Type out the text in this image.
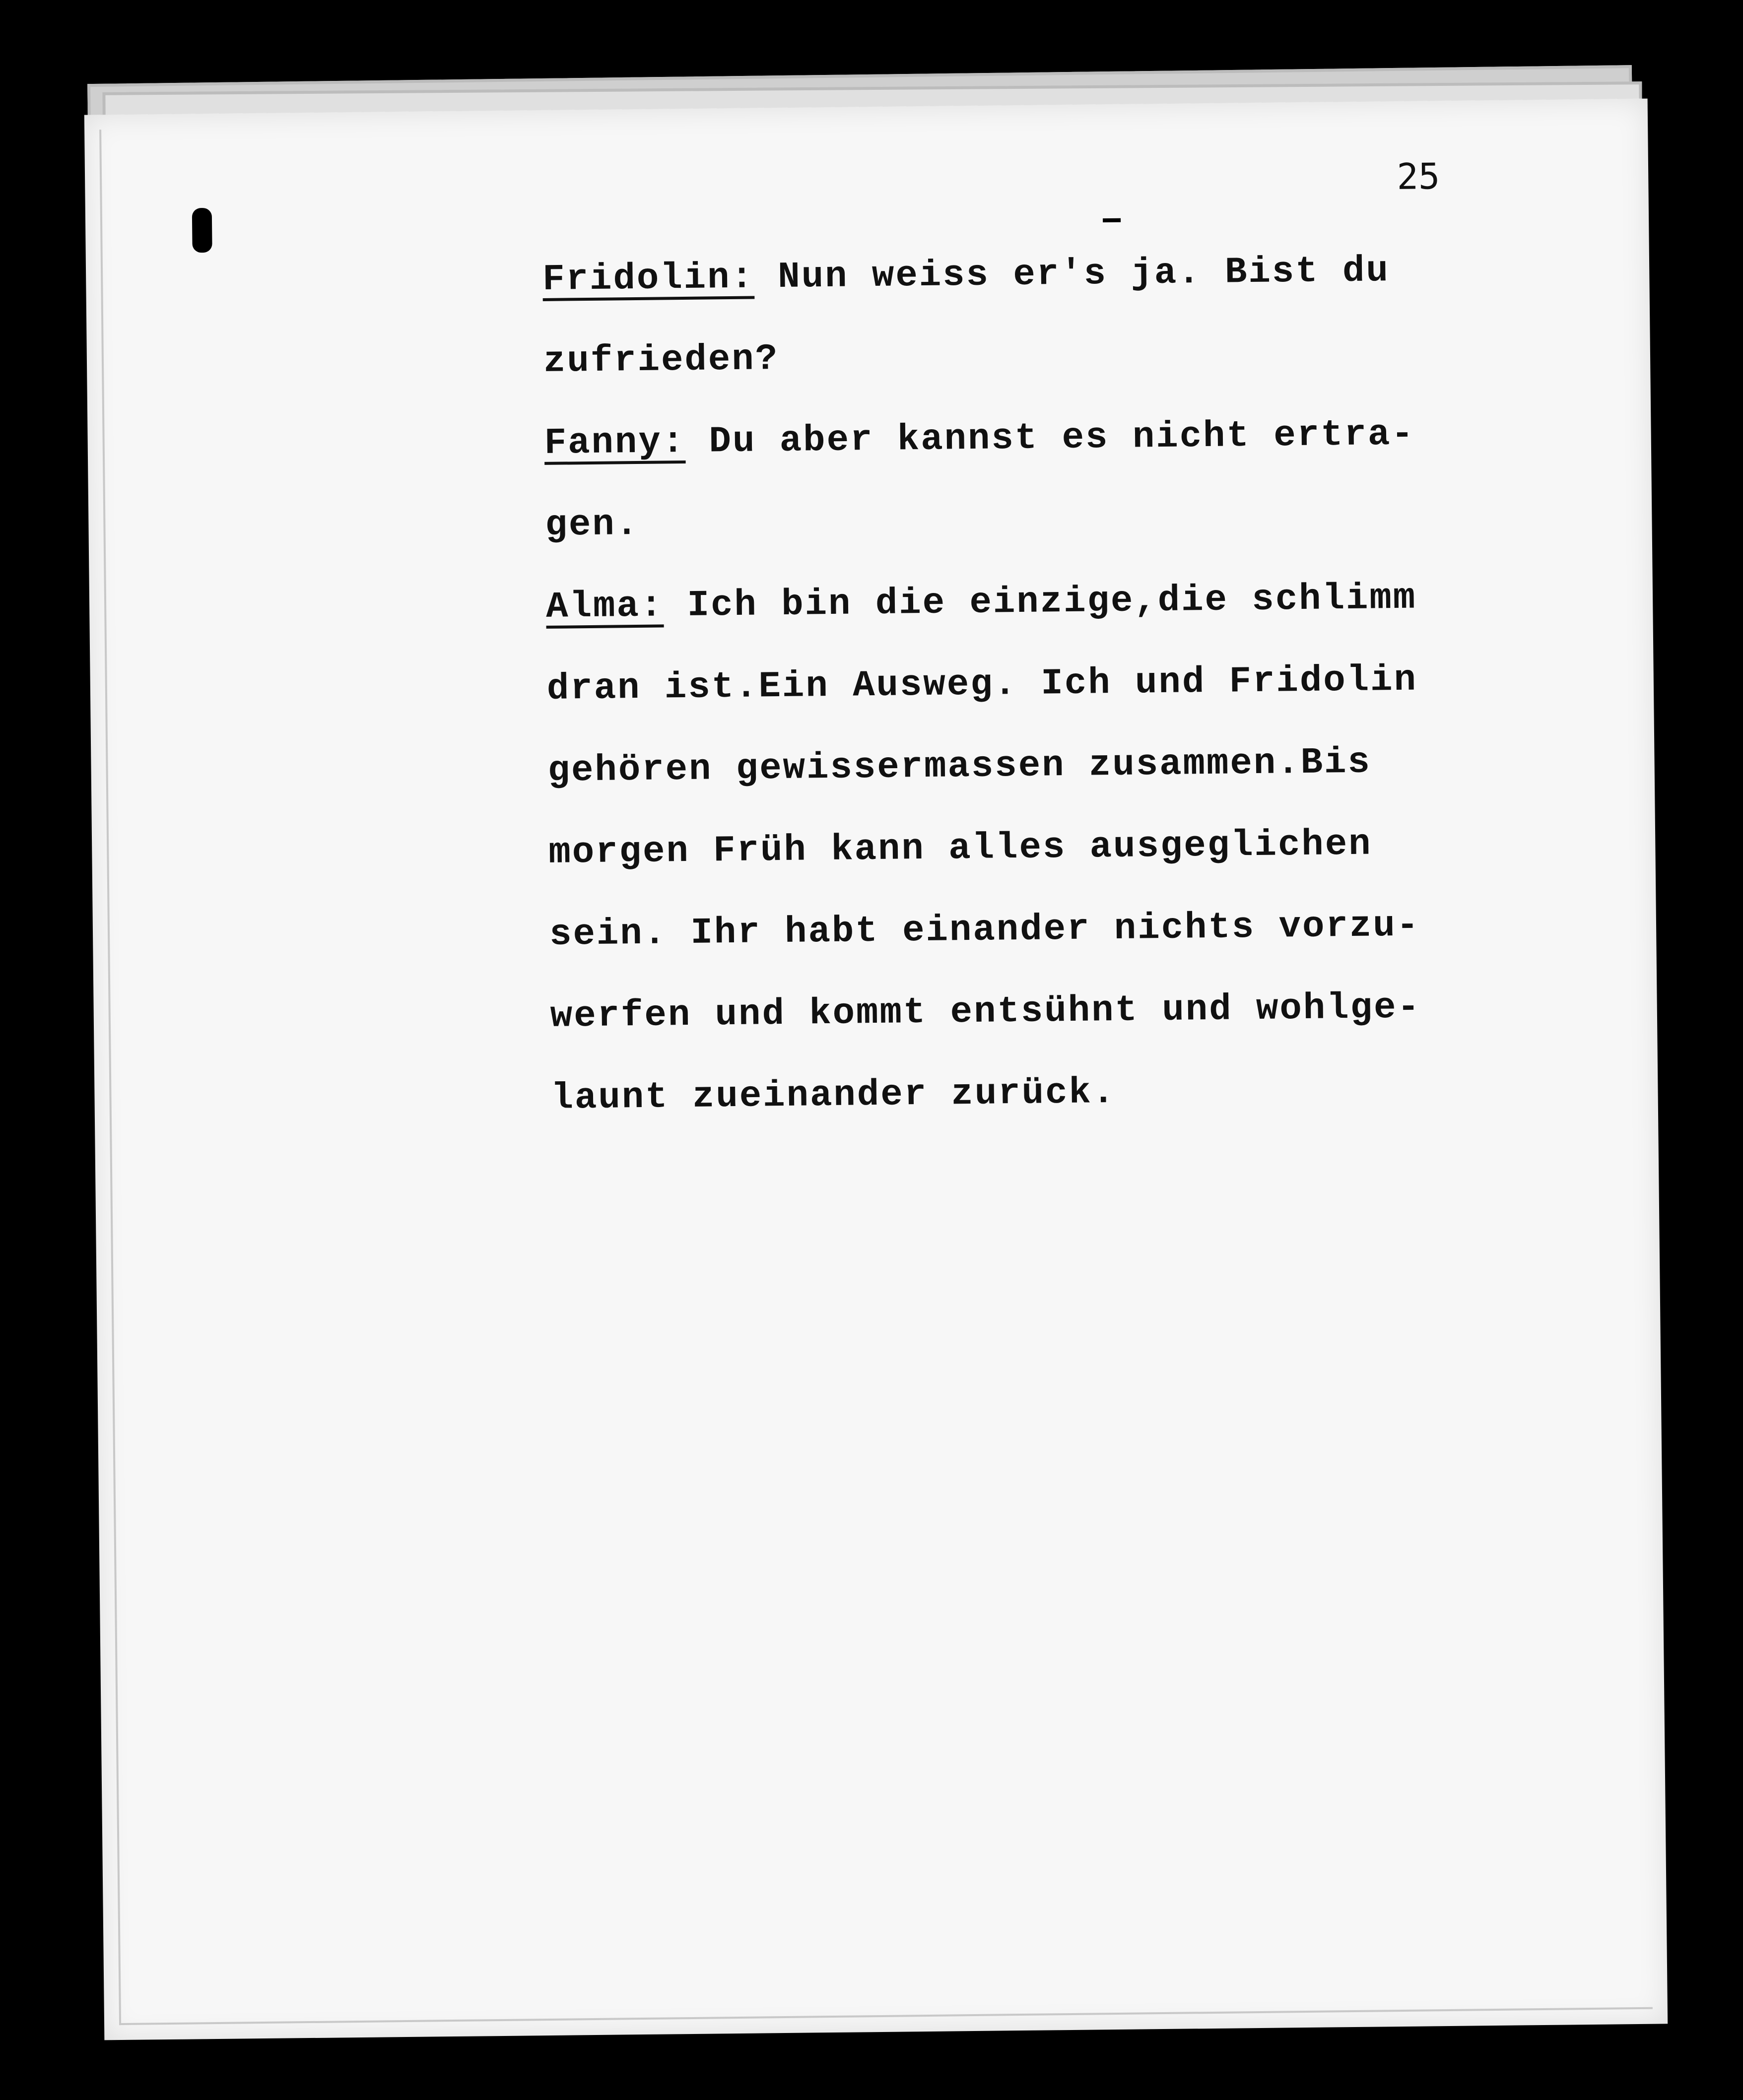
25
Fridolin: Nun weiss er's ja. Bist du
zufrieden?
Fanny: Du aber kannst es nicht ertra-
gen.
Alma: Ich bin die einzige,die schlimm
dran ist.Ein Ausweg. Ich und Fridolin
gehören gewissermassen zusammen.Bis
morgen Früh kann alles ausgeglichen
sein. Ihr habt einander nichts vorzu-
werfen und kommt entsühnt und wohlge-
launt zueinander zurück.
